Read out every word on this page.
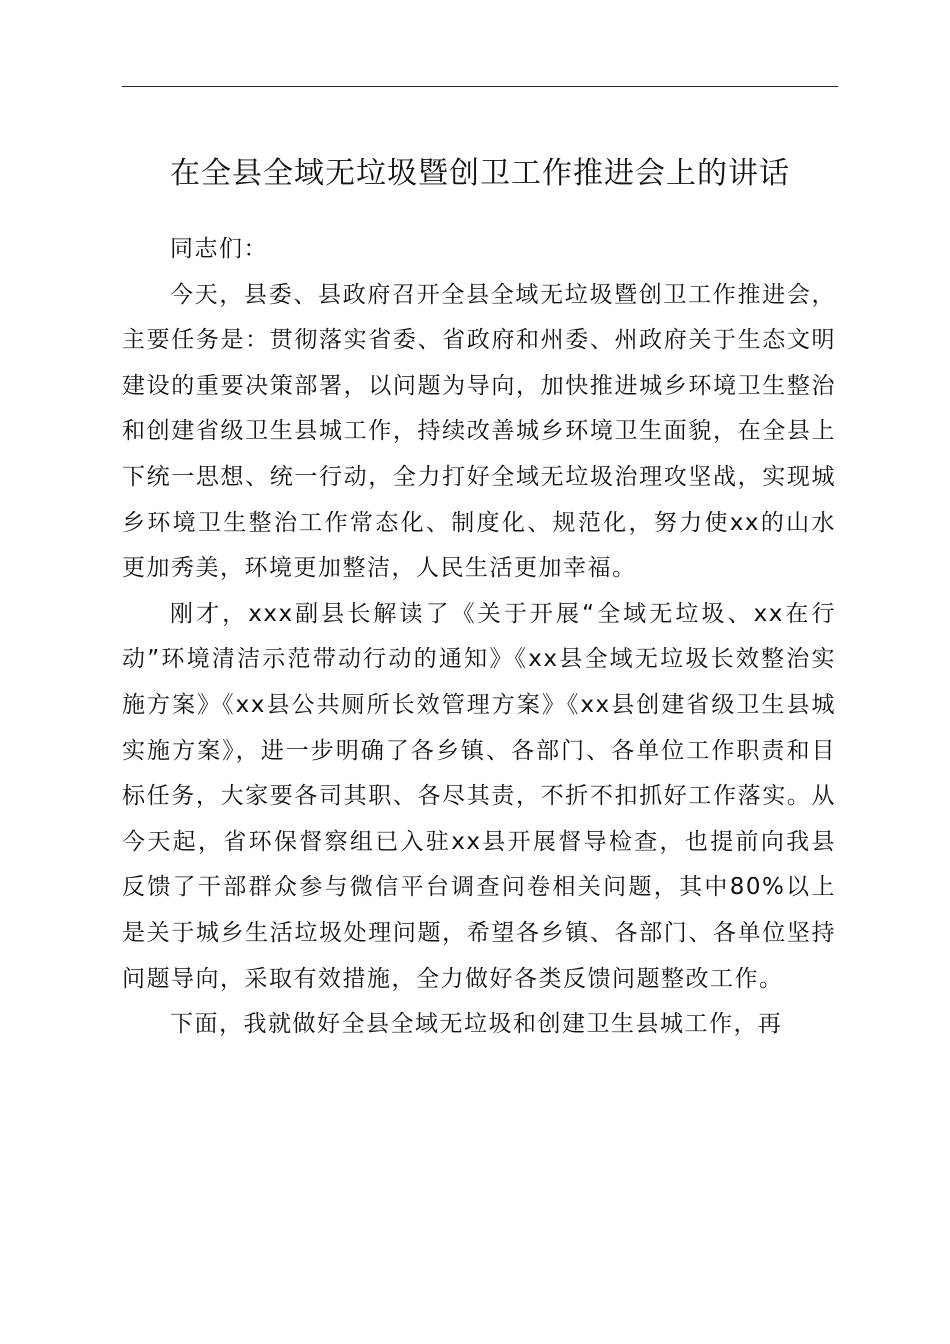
在全县全域无垃圾暨创卫工作推进会上的讲话

同志们：

今天，县委、县政府召开全县全域无垃圾暨创卫工作推进会，主要任务是：贯彻落实省委、省政府和州委、州政府关于生态文明建设的重要决策部署，以问题为导向，加快推进城乡环境卫生整治和创建省级卫生县城工作，持续改善城乡环境卫生面貌，在全县上下统一思想、统一行动，全力打好全域无垃圾治理攻坚战，实现城乡环境卫生整治工作常态化、制度化、规范化，努力使xx的山水更加秀美，环境更加整洁，人民生活更加幸福。

刚才，xxx副县长解读了《关于开展“全域无垃圾、xx在行动”环境清洁示范带动行动的通知》《xx县全域无垃圾长效整治实施方案》《xx县公共厕所长效管理方案》《xx县创建省级卫生县城实施方案》，进一步明确了各乡镇、各部门、各单位工作职责和目标任务，大家要各司其职、各尽其责，不折不扣抓好工作落实。从今天起，省环保督察组已入驻xx县开展督导检查，也提前向我县反馈了干部群众参与微信平台调查问卷相关问题，其中80%以上是关于城乡生活垃圾处理问题，希望各乡镇、各部门、各单位坚持问题导向，采取有效措施，全力做好各类反馈问题整改工作。

下面，我就做好全县全域无垃圾和创建卫生县城工作，再
